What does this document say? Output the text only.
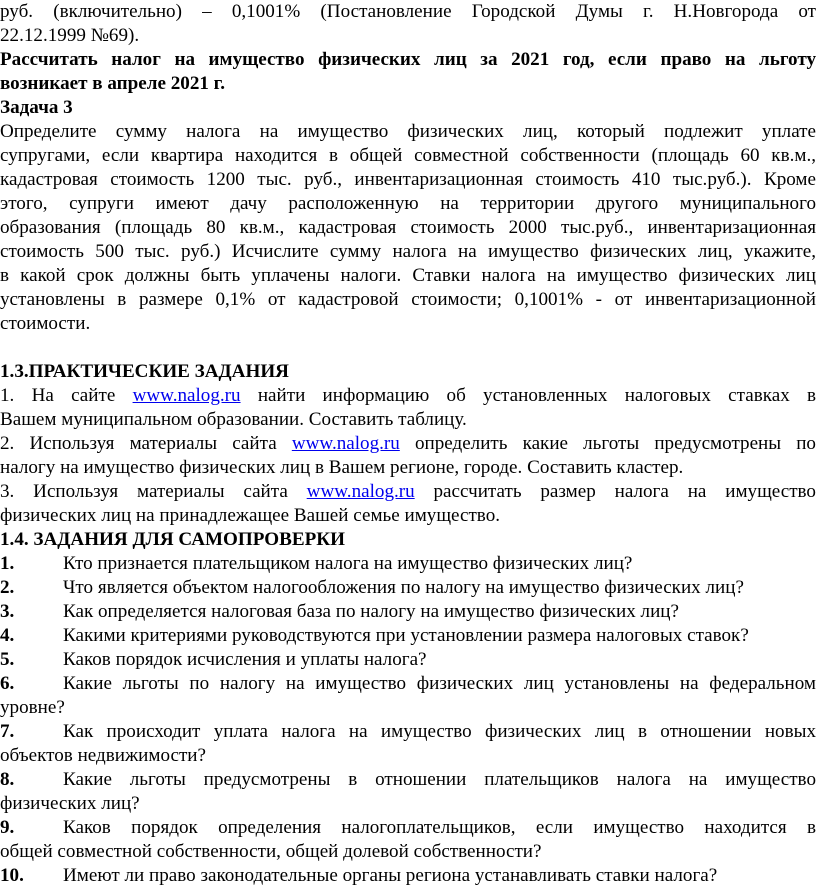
руб. (включительно) – 0,1001% (Постановление Городской Думы г. Н.Новгорода от
22.12.1999 №69).
Рассчитать налог на имущество физических лиц за 2021 год, если право на льготу
возникает в апреле 2021 г.
Задача 3
Определите сумму налога на имущество физических лиц, который подлежит уплате
супругами, если квартира находится в общей совместной собственности (площадь 60 кв.м.,
кадастровая стоимость 1200 тыс. руб., инвентаризационная стоимость 410 тыс.руб.). Кроме
этого, супруги имеют дачу расположенную на территории другого муниципального
образования (площадь 80 кв.м., кадастровая стоимость 2000 тыс.руб., инвентаризационная
стоимость 500 тыс. руб.) Исчислите сумму налога на имущество физических лиц, укажите,
в какой срок должны быть уплачены налоги. Ставки налога на имущество физических лиц
установлены в размере 0,1% от кадастровой стоимости; 0,1001% - от инвентаризационной
стоимости.
1.3.ПРАКТИЧЕСКИЕ ЗАДАНИЯ
1. На сайте www.nalog.ru найти информацию об установленных налоговых ставках в
Вашем муниципальном образовании. Составить таблицу.
2. Используя материалы сайта www.nalog.ru определить какие льготы предусмотрены по
налогу на имущество физических лиц в Вашем регионе, городе. Составить кластер.
3. Используя материалы сайта www.nalog.ru рассчитать размер налога на имущество
физических лиц на принадлежащее Вашей семье имущество.
1.4. ЗАДАНИЯ ДЛЯ САМОПРОВЕРКИ
1.	Кто признается плательщиком налога на имущество физических лиц?
2.	Что является объектом налогообложения по налогу на имущество физических лиц?
3.	Как определяется налоговая база по налогу на имущество физических лиц?
4.	Какими критериями руководствуются при установлении размера налоговых ставок?
5.	Каков порядок исчисления и уплаты налога?
6.	Какие льготы по налогу на имущество физических лиц установлены на федеральном
уровне?
7.	Как происходит уплата налога на имущество физических лиц в отношении новых
объектов недвижимости?
8.	Какие льготы предусмотрены в отношении плательщиков налога на имущество
физических лиц?
9.	Каков порядок определения налогоплательщиков, если имущество находится в
общей совместной собственности, общей долевой собственности?
10. Имеют ли право законодательные органы региона устанавливать ставки налога?
